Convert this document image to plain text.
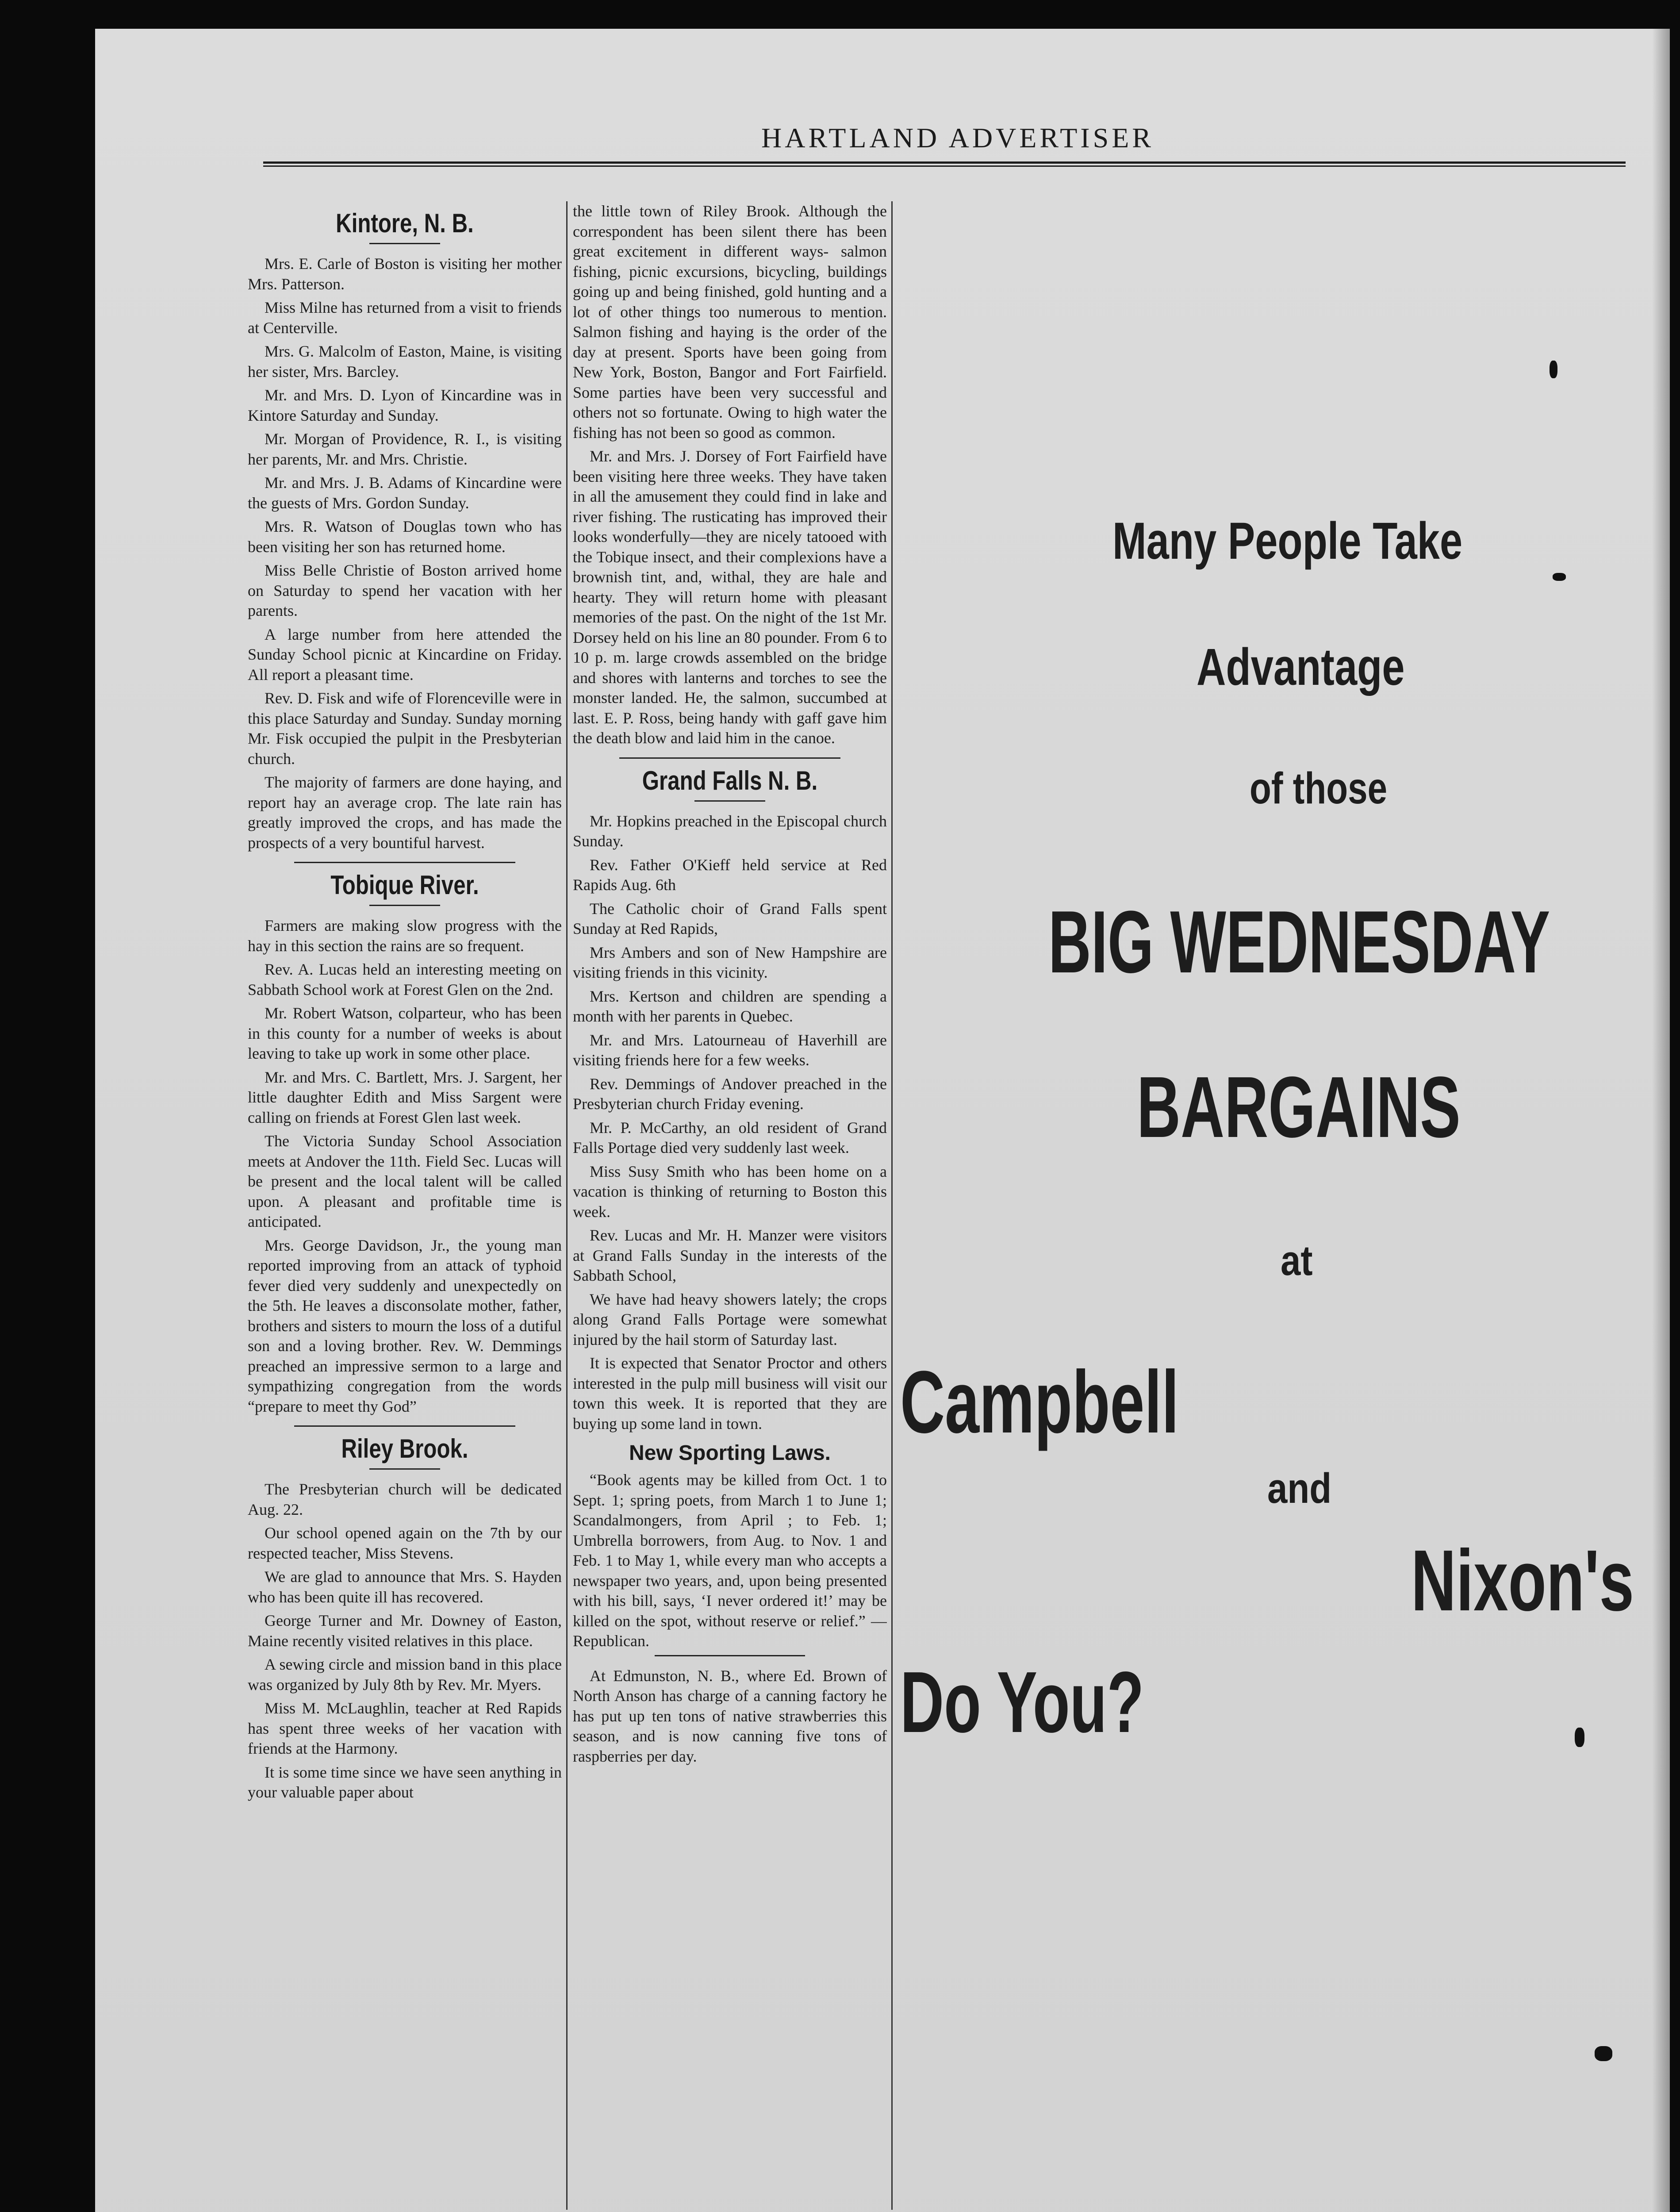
HARTLAND ADVERTISER
Kintore, N. B.

Mrs. E. Carle of Boston is visiting her mother Mrs. Patterson.

Miss Milne has returned from a visit to friends at Centerville.

Mrs. G. Malcolm of Easton, Maine, is visiting her sister, Mrs. Barcley.

Mr. and Mrs. D. Lyon of Kincardine was in Kintore Saturday and Sunday.

Mr. Morgan of Providence, R. I., is visiting her parents, Mr. and Mrs. Christie.

Mr. and Mrs. J. B. Adams of Kincardine were the guests of Mrs. Gordon Sunday.

Mrs. R. Watson of Douglas town who has been visiting her son has returned home.

Miss Belle Christie of Boston arrived home on Saturday to spend her vacation with her parents.

A large number from here attended the Sunday School picnic at Kincardine on Friday. All report a pleasant time.

Rev. D. Fisk and wife of Florenceville were in this place Saturday and Sunday. Sunday morning Mr. Fisk occupied the pulpit in the Presbyterian church.

The majority of farmers are done haying, and report hay an average crop. The late rain has greatly improved the crops, and has made the prospects of a very bountiful harvest.

Tobique River.

Farmers are making slow progress with the hay in this section the rains are so frequent.

Rev. A. Lucas held an interesting meeting on Sabbath School work at Forest Glen on the 2nd.

Mr. Robert Watson, colparteur, who has been in this county for a number of weeks is about leaving to take up work in some other place.

Mr. and Mrs. C. Bartlett, Mrs. J. Sargent, her little daughter Edith and Miss Sargent were calling on friends at Forest Glen last week.

The Victoria Sunday School Association meets at Andover the 11th. Field Sec. Lucas will be present and the local talent will be called upon. A pleasant and profitable time is anticipated.

Mrs. George Davidson, Jr., the young man reported improving from an attack of typhoid fever died very suddenly and unexpectedly on the 5th. He leaves a disconsolate mother, father, brothers and sisters to mourn the loss of a dutiful son and a loving brother. Rev. W. Demmings preached an impressive sermon to a large and sympathizing congregation from the words “prepare to meet thy God”

Riley Brook.

The Presbyterian church will be dedicated Aug. 22.

Our school opened again on the 7th by our respected teacher, Miss Stevens.

We are glad to announce that Mrs. S. Hayden who has been quite ill has recovered.

George Turner and Mr. Downey of Easton, Maine recently visited relatives in this place.

A sewing circle and mission band in this place was organized by July 8th by Rev. Mr. Myers.

Miss M. McLaughlin, teacher at Red Rapids has spent three weeks of her vacation with friends at the Harmony.

It is some time since we have seen anything in your valuable paper about

the little town of Riley Brook. Although the correspondent has been silent there has been great excitement in different ways- salmon fishing, picnic excursions, bicycling, buildings going up and being finished, gold hunting and a lot of other things too numerous to mention. Salmon fishing and haying is the order of the day at present. Sports have been going from New York, Boston, Bangor and Fort Fairfield. Some parties have been very successful and others not so fortunate. Owing to high water the fishing has not been so good as common.

Mr. and Mrs. J. Dorsey of Fort Fairfield have been visiting here three weeks. They have taken in all the amusement they could find in lake and river fishing. The rusticating has improved their looks wonderfully—they are nicely tatooed with the Tobique insect, and their complexions have a brownish tint, and, withal, they are hale and hearty. They will return home with pleasant memories of the past. On the night of the 1st Mr. Dorsey held on his line an 80 pounder. From 6 to 10 p. m. large crowds assembled on the bridge and shores with lanterns and torches to see the monster landed. He, the salmon, succumbed at last. E. P. Ross, being handy with gaff gave him the death blow and laid him in the canoe.

Grand Falls N. B.

Mr. Hopkins preached in the Episcopal church Sunday.

Rev. Father O'Kieff held service at Red Rapids Aug. 6th

The Catholic choir of Grand Falls spent Sunday at Red Rapids,

Mrs Ambers and son of New Hampshire are visiting friends in this vicinity.

Mrs. Kertson and children are spending a month with her parents in Quebec.

Mr. and Mrs. Latourneau of Haverhill are visiting friends here for a few weeks.

Rev. Demmings of Andover preached in the Presbyterian church Friday evening.

Mr. P. McCarthy, an old resident of Grand Falls Portage died very suddenly last week.

Miss Susy Smith who has been home on a vacation is thinking of returning to Boston this week.

Rev. Lucas and Mr. H. Manzer were visitors at Grand Falls Sunday in the interests of the Sabbath School,

We have had heavy showers lately; the crops along Grand Falls Portage were somewhat injured by the hail storm of Saturday last.

It is expected that Senator Proctor and others interested in the pulp mill business will visit our town this week. It is reported that they are buying up some land in town.

New Sporting Laws.

“Book agents may be killed from Oct. 1 to Sept. 1; spring poets, from March 1 to June 1; Scandalmongers, from April ; to Feb. 1; Umbrella borrowers, from Aug. to Nov. 1 and Feb. 1 to May 1, while every man who accepts a newspaper two years, and, upon being presented with his bill, says, ‘I never ordered it!’ may be killed on the spot, without reserve or relief.” —Republican.

At Edmunston, N. B., where Ed. Brown of North Anson has charge of a canning factory he has put up ten tons of native strawberries this season, and is now canning five tons of raspberries per day.

Many People Take
Advantage
of those
BIG WEDNESDAY
BARGAINS
at
Campbell
and
Nixon's
Do You?
